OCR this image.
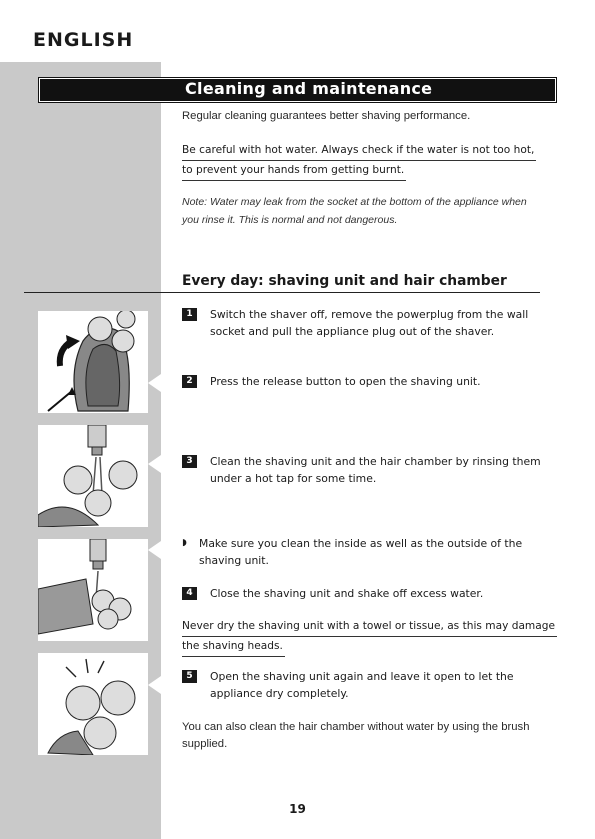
ENGLISH
Cleaning and maintenance
Regular cleaning guarantees better shaving performance.
Be careful with hot water. Always check if the water is not too hot,
to prevent your hands from getting burnt.
Note: Water may leak from the socket at the bottom of the appliance when
you rinse it. This is normal and not dangerous.
Every day: shaving unit and hair chamber
1	Switch the shaver off, remove the powerplug from the wall
socket and pull the appliance plug out of the shaver.
2	Press the release button to open the shaving unit.
3	Clean the shaving unit and the hair chamber by rinsing them
under a hot tap for some time.
◗ Make sure you clean the inside as well as the outside of the
shaving unit.
4	Close the shaving unit and shake off excess water.
Never dry the shaving unit with a towel or tissue, as this may damage
the shaving heads.
5	Open the shaving unit again and leave it open to let the
appliance dry completely.
You can also clean the hair chamber without water by using the brush
supplied.
19
